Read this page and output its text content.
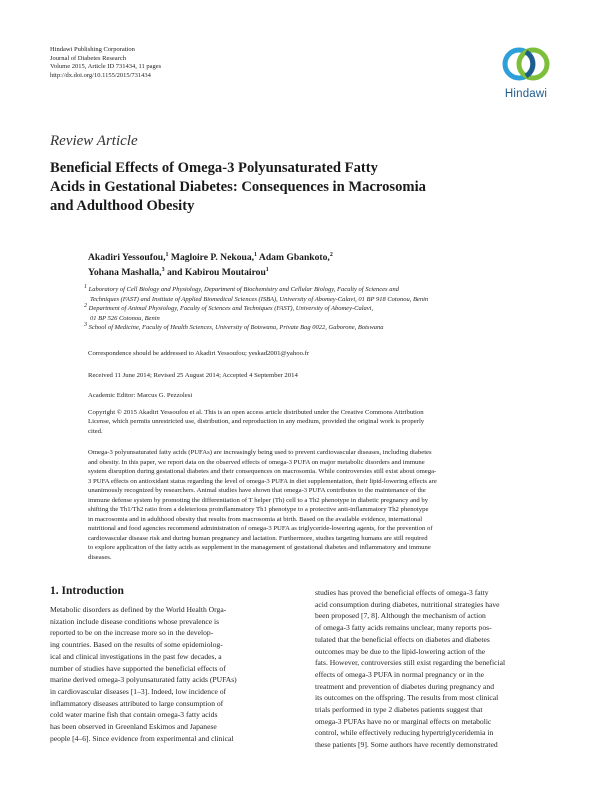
Hindawi Publishing Corporation
Journal of Diabetes Research
Volume 2015, Article ID 731434, 11 pages
http://dx.doi.org/10.1155/2015/731434
Hindawi
Review Article
Beneficial Effects of Omega-3 Polyunsaturated Fatty
Acids in Gestational Diabetes: Consequences in Macrosomia
and Adulthood Obesity
Akadiri Yessoufou,$^1$ Magloire P. Nekoua,$^1$ Adam Gbankoto,$^2$
Yohana Mashalla,$^3$ and Kabirou Moutairou$^1$
$^1$ Laboratory of Cell Biology and Physiology, Department of Biochemistry and Cellular Biology, Faculty of Sciences and
Techniques (FAST) and Institute of Applied Biomedical Sciences (ISBA), University of Abomey-Calavi, 01 BP 918 Cotonou, Benin
$^2$ Department of Animal Physiology, Faculty of Sciences and Techniques (FAST), University of Abomey-Calavi,
01 BP 526 Cotonou, Benin
$^3$ School of Medicine, Faculty of Health Sciences, University of Botswana, Private Bag 0022, Gaborone, Botswana
Correspondence should be addressed to Akadiri Yessoufou; yeskad2001@yahoo.fr
Received 11 June 2014; Revised 25 August 2014; Accepted 4 September 2014
Academic Editor: Marcus G. Pezzolesi
Copyright © 2015 Akadiri Yessoufou et al. This is an open access article distributed under the Creative Commons Attribution
License, which permits unrestricted use, distribution, and reproduction in any medium, provided the original work is properly
cited.
Omega-3 polyunsaturated fatty acids (PUFAs) are increasingly being used to prevent cardiovascular diseases, including diabetes
and obesity. In this paper, we report data on the observed effects of omega-3 PUFA on major metabolic disorders and immune
system disruption during gestational diabetes and their consequences on macrosomia. While controversies still exist about omega-
3 PUFA effects on antioxidant status regarding the level of omega-3 PUFA in diet supplementation, their lipid-lowering effects are
unanimously recognized by researchers. Animal studies have shown that omega-3 PUFA contributes to the maintenance of the
immune defense system by promoting the differentiation of T helper (Th) cell to a Th2 phenotype in diabetic pregnancy and by
shifting the Th1/Th2 ratio from a deleterious proinflammatory Th1 phenotype to a protective anti-inflammatory Th2 phenotype
in macrosomia and in adulthood obesity that results from macrosomia at birth. Based on the available evidence, international
nutritional and food agencies recommend administration of omega-3 PUFA as triglyceride-lowering agents, for the prevention of
cardiovascular disease risk and during human pregnancy and lactation. Furthermore, studies targeting humans are still required
to explore application of the fatty acids as supplement in the management of gestational diabetes and inflammatory and immune
diseases.
1. Introduction
Metabolic disorders as defined by the World Health Orga-
nization include disease conditions whose prevalence is
reported to be on the increase more so in the develop-
ing countries. Based on the results of some epidemiolog-
ical and clinical investigations in the past few decades, a
number of studies have supported the beneficial effects of
marine derived omega-3 polyunsaturated fatty acids (PUFAs)
in cardiovascular diseases [1–3]. Indeed, low incidence of
inflammatory diseases attributed to large consumption of
cold water marine fish that contain omega-3 fatty acids
has been observed in Greenland Eskimos and Japanese
people [4–6]. Since evidence from experimental and clinical
studies has proved the beneficial effects of omega-3 fatty
acid consumption during diabetes, nutritional strategies have
been proposed [7, 8]. Although the mechanism of action
of omega-3 fatty acids remains unclear, many reports pos-
tulated that the beneficial effects on diabetes and diabetes
outcomes may be due to the lipid-lowering action of the
fats. However, controversies still exist regarding the beneficial
effects of omega-3 PUFA in normal pregnancy or in the
treatment and prevention of diabetes during pregnancy and
its outcomes on the offspring. The results from most clinical
trials performed in type 2 diabetes patients suggest that
omega-3 PUFAs have no or marginal effects on metabolic
control, while effectively reducing hypertriglyceridemia in
these patients [9]. Some authors have recently demonstrated
